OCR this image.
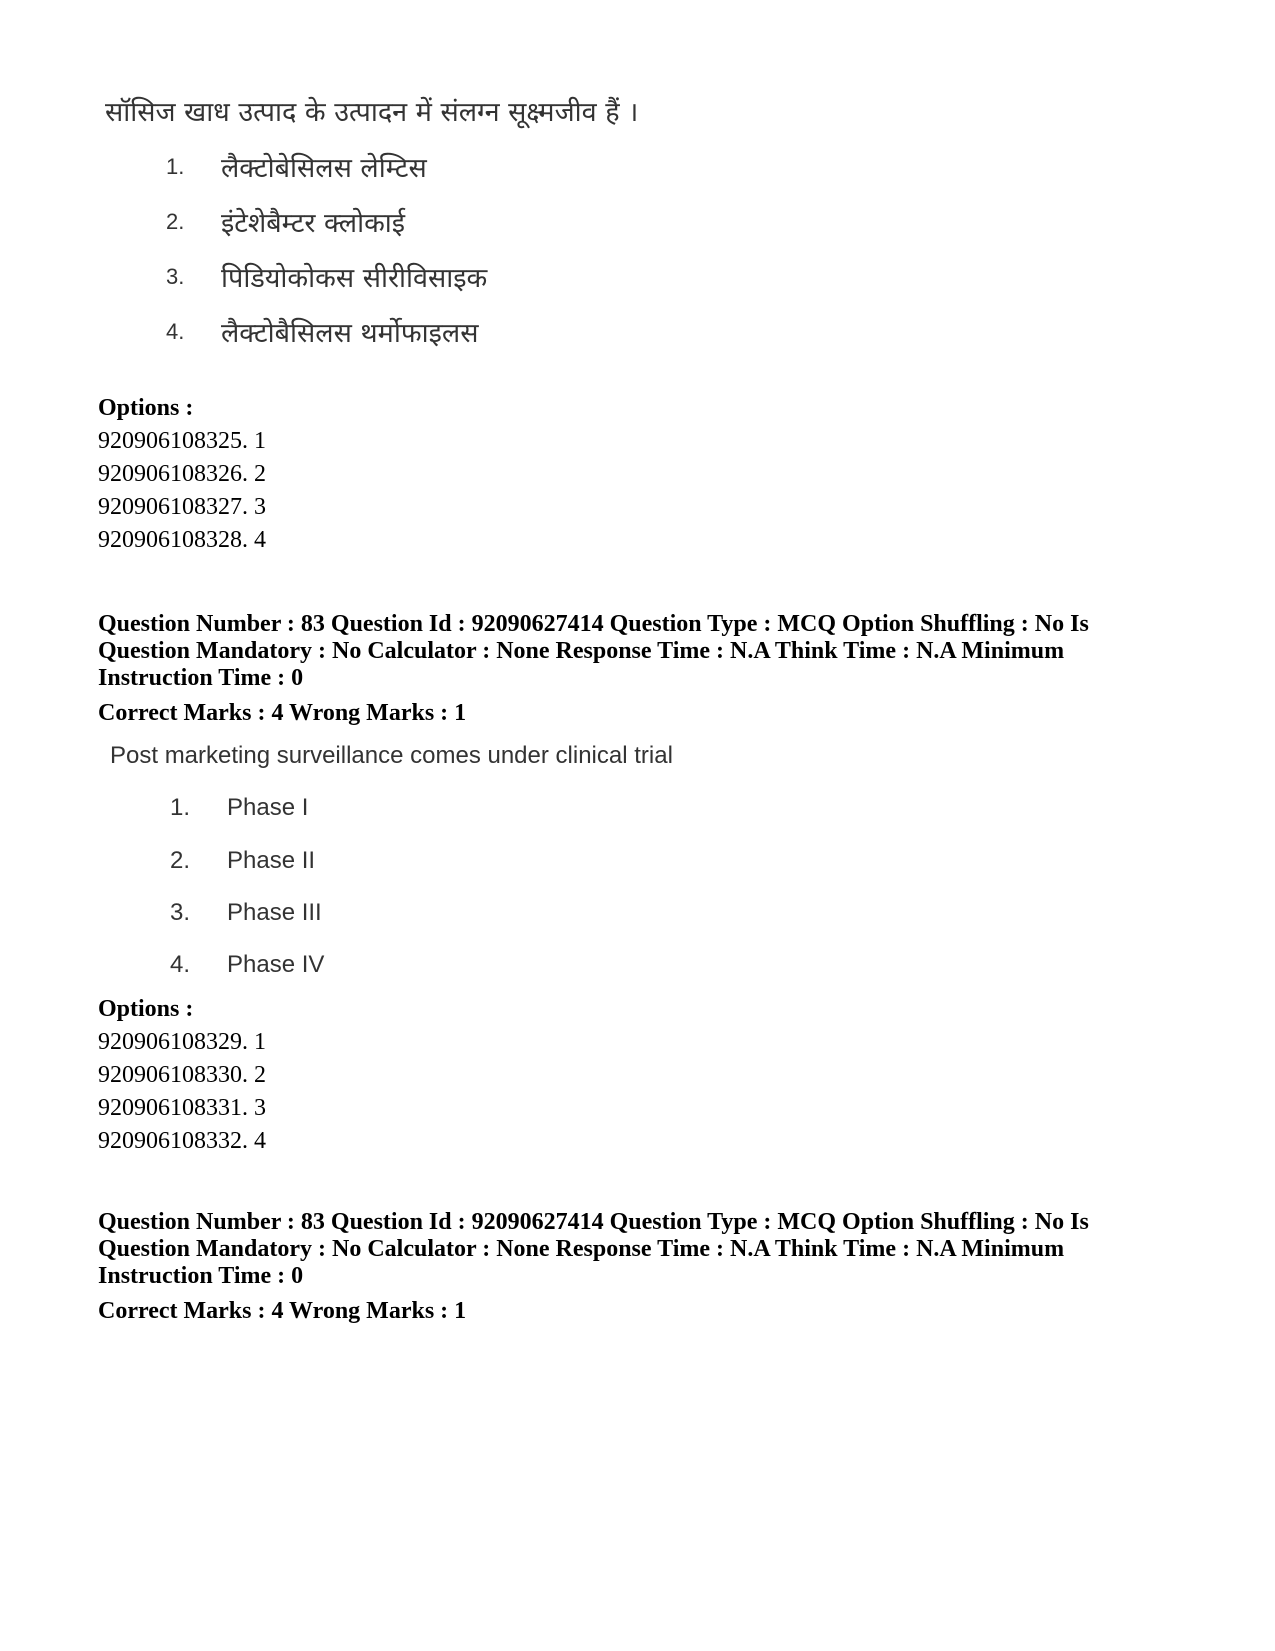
सॉसिज खाध उत्पाद के उत्पादन में संलग्न सूक्ष्मजीव हैं ।
1. लैक्टोबेसिलस लेम्टिस
2. इंटेशेबैम्टर क्लोकाई
3. पिडियोकोकस सीरीविसाइक
4. लैक्टोबैसिलस थर्मोफाइलस
Options :
920906108325. 1
920906108326. 2
920906108327. 3
920906108328. 4
Question Number : 83 Question Id : 92090627414 Question Type : MCQ Option Shuffling : No Is Question Mandatory : No Calculator : None Response Time : N.A Think Time : N.A Minimum Instruction Time : 0
Correct Marks : 4 Wrong Marks : 1
Post marketing surveillance comes under clinical trial
1. Phase I
2. Phase II
3. Phase III
4. Phase IV
Options :
920906108329. 1
920906108330. 2
920906108331. 3
920906108332. 4
Question Number : 83 Question Id : 92090627414 Question Type : MCQ Option Shuffling : No Is Question Mandatory : No Calculator : None Response Time : N.A Think Time : N.A Minimum Instruction Time : 0
Correct Marks : 4 Wrong Marks : 1
